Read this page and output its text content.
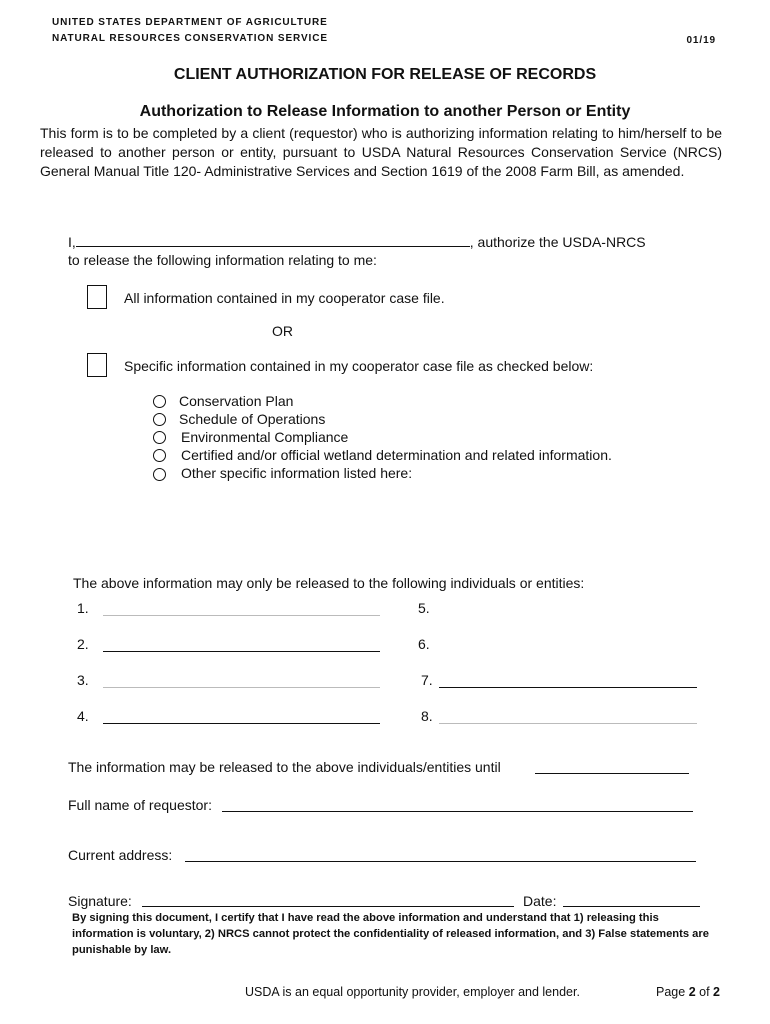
UNITED STATES DEPARTMENT OF AGRICULTURE
NATURAL RESOURCES CONSERVATION SERVICE	01/19
CLIENT AUTHORIZATION FOR RELEASE OF RECORDS
Authorization to Release Information to another Person or Entity
This form is to be completed by a client (requestor) who is authorizing information relating to him/herself to be released to another person or entity, pursuant to USDA Natural Resources Conservation Service (NRCS) General Manual Title 120- Administrative Services and Section 1619 of the 2008 Farm Bill, as amended.
I,	, authorize the USDA-NRCS
to release the following information relating to me:
All information contained in my cooperator case file.
OR
Specific information contained in my cooperator case file as checked below:
Conservation Plan
Schedule of Operations
Environmental Compliance
Certified and/or official wetland determination and related information.
Other specific information listed here:
The above information may only be released to the following individuals or entities:
1.
2.
3.
4.
5.
6.
7.
8.
The information may be released to the above individuals/entities until
Full name of requestor:
Current address:
Signature:	Date:
By signing this document, I certify that I have read the above information and understand that 1) releasing this information is voluntary, 2) NRCS cannot protect the confidentiality of released information, and 3) False statements are punishable by law.
USDA is an equal opportunity provider, employer and lender.	Page 2 of 2
